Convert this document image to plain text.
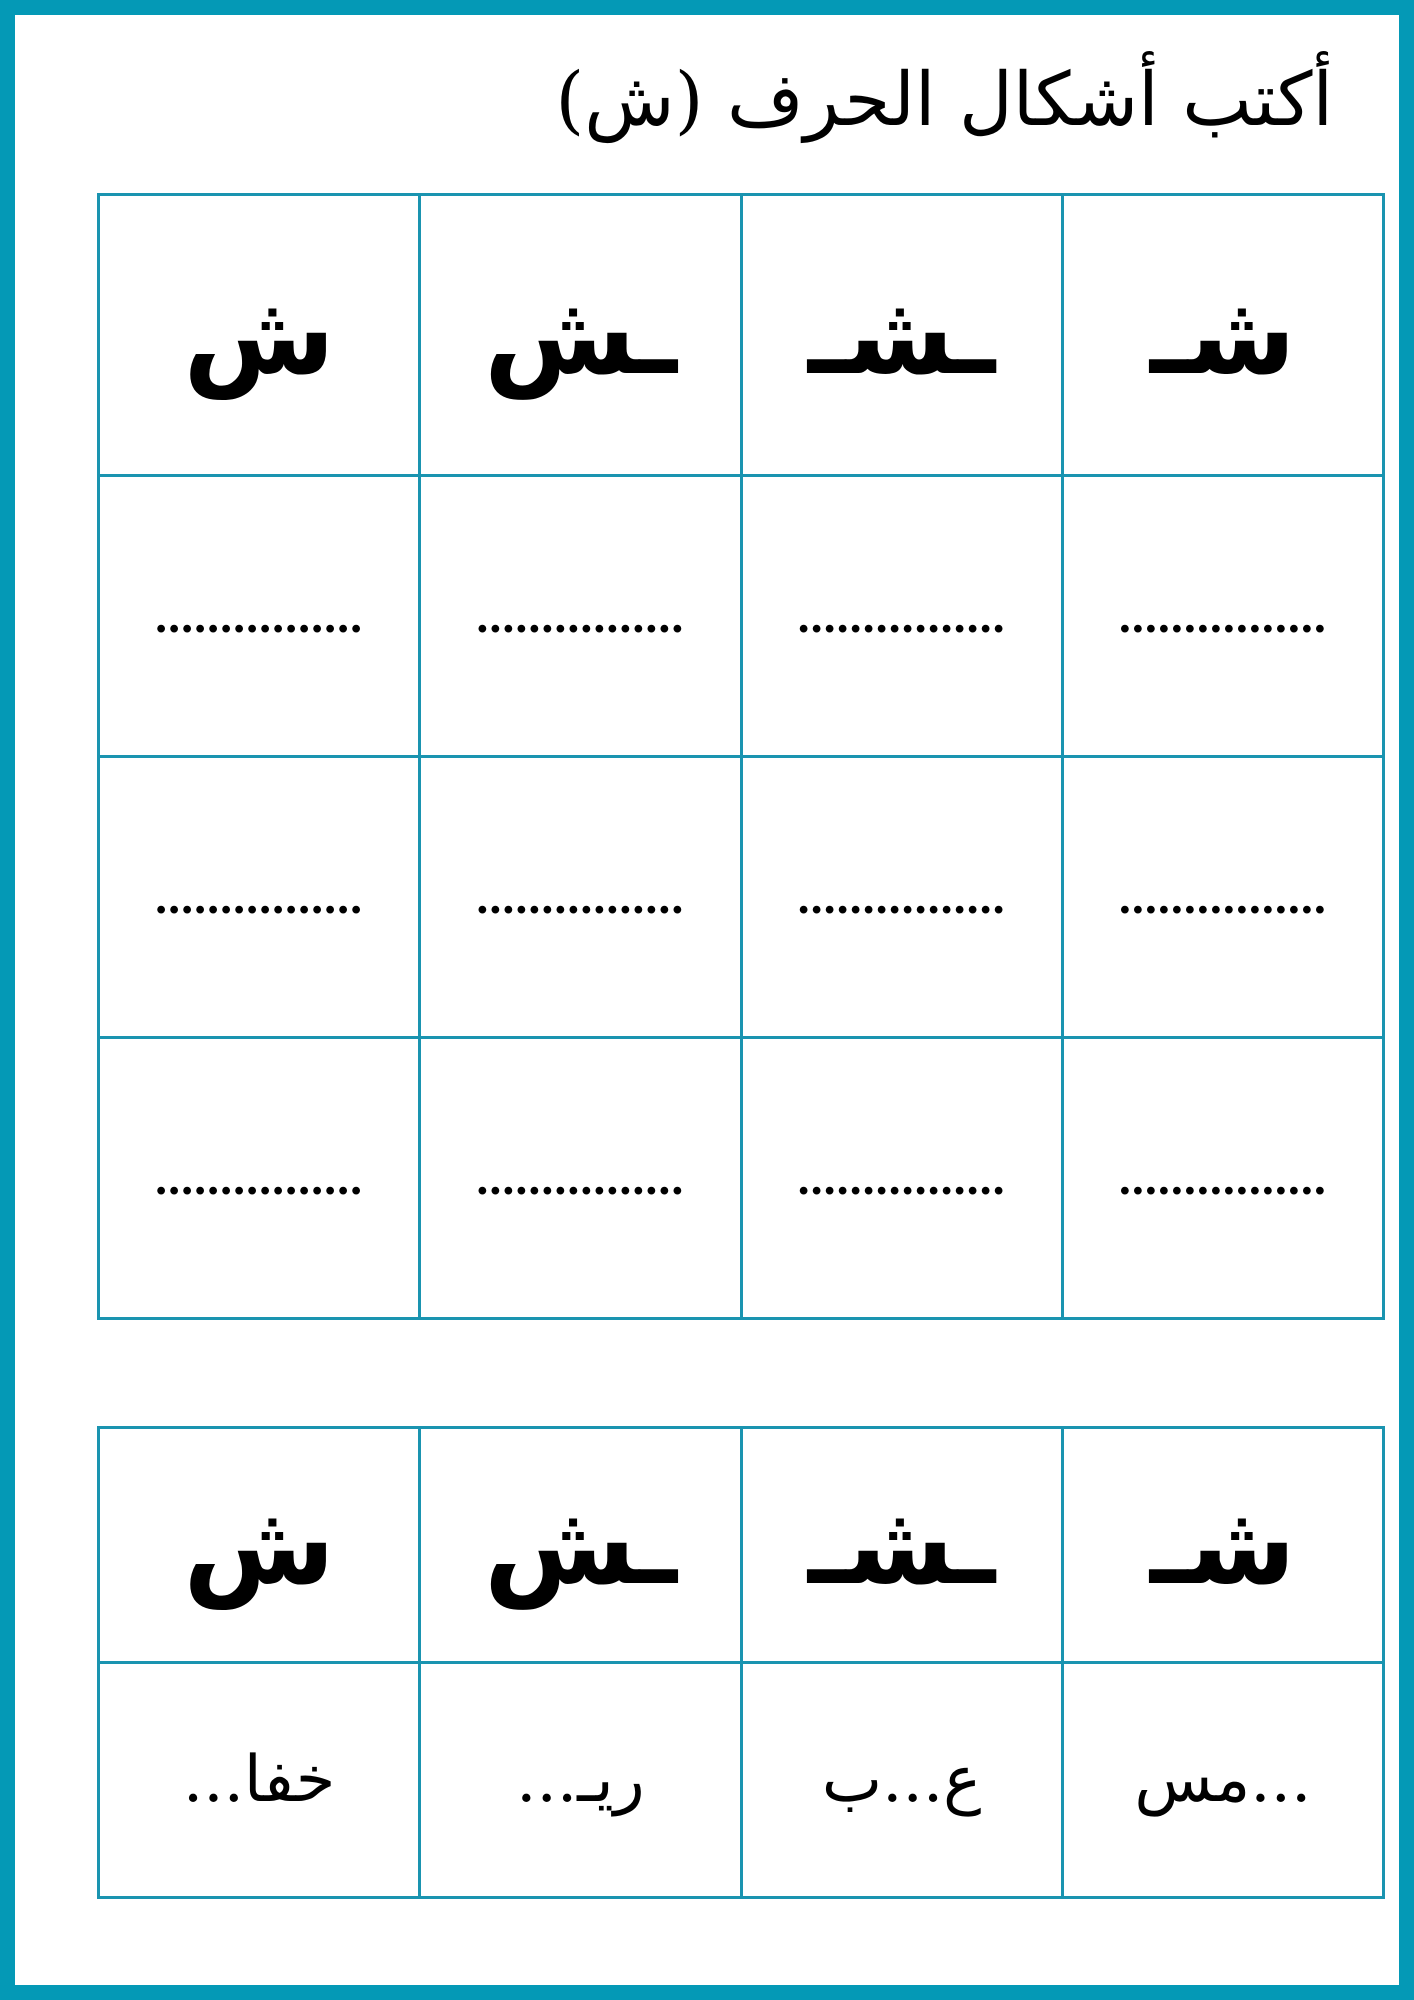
أكتب أشكال الحرف (ش)
شـ	ـشـ	ـش	ش
................	................	................	................
................	................	................	................
................	................	................	................
شـ	ـشـ	ـش	ش
...مس	ع...ب	ريـ...	خفا...
